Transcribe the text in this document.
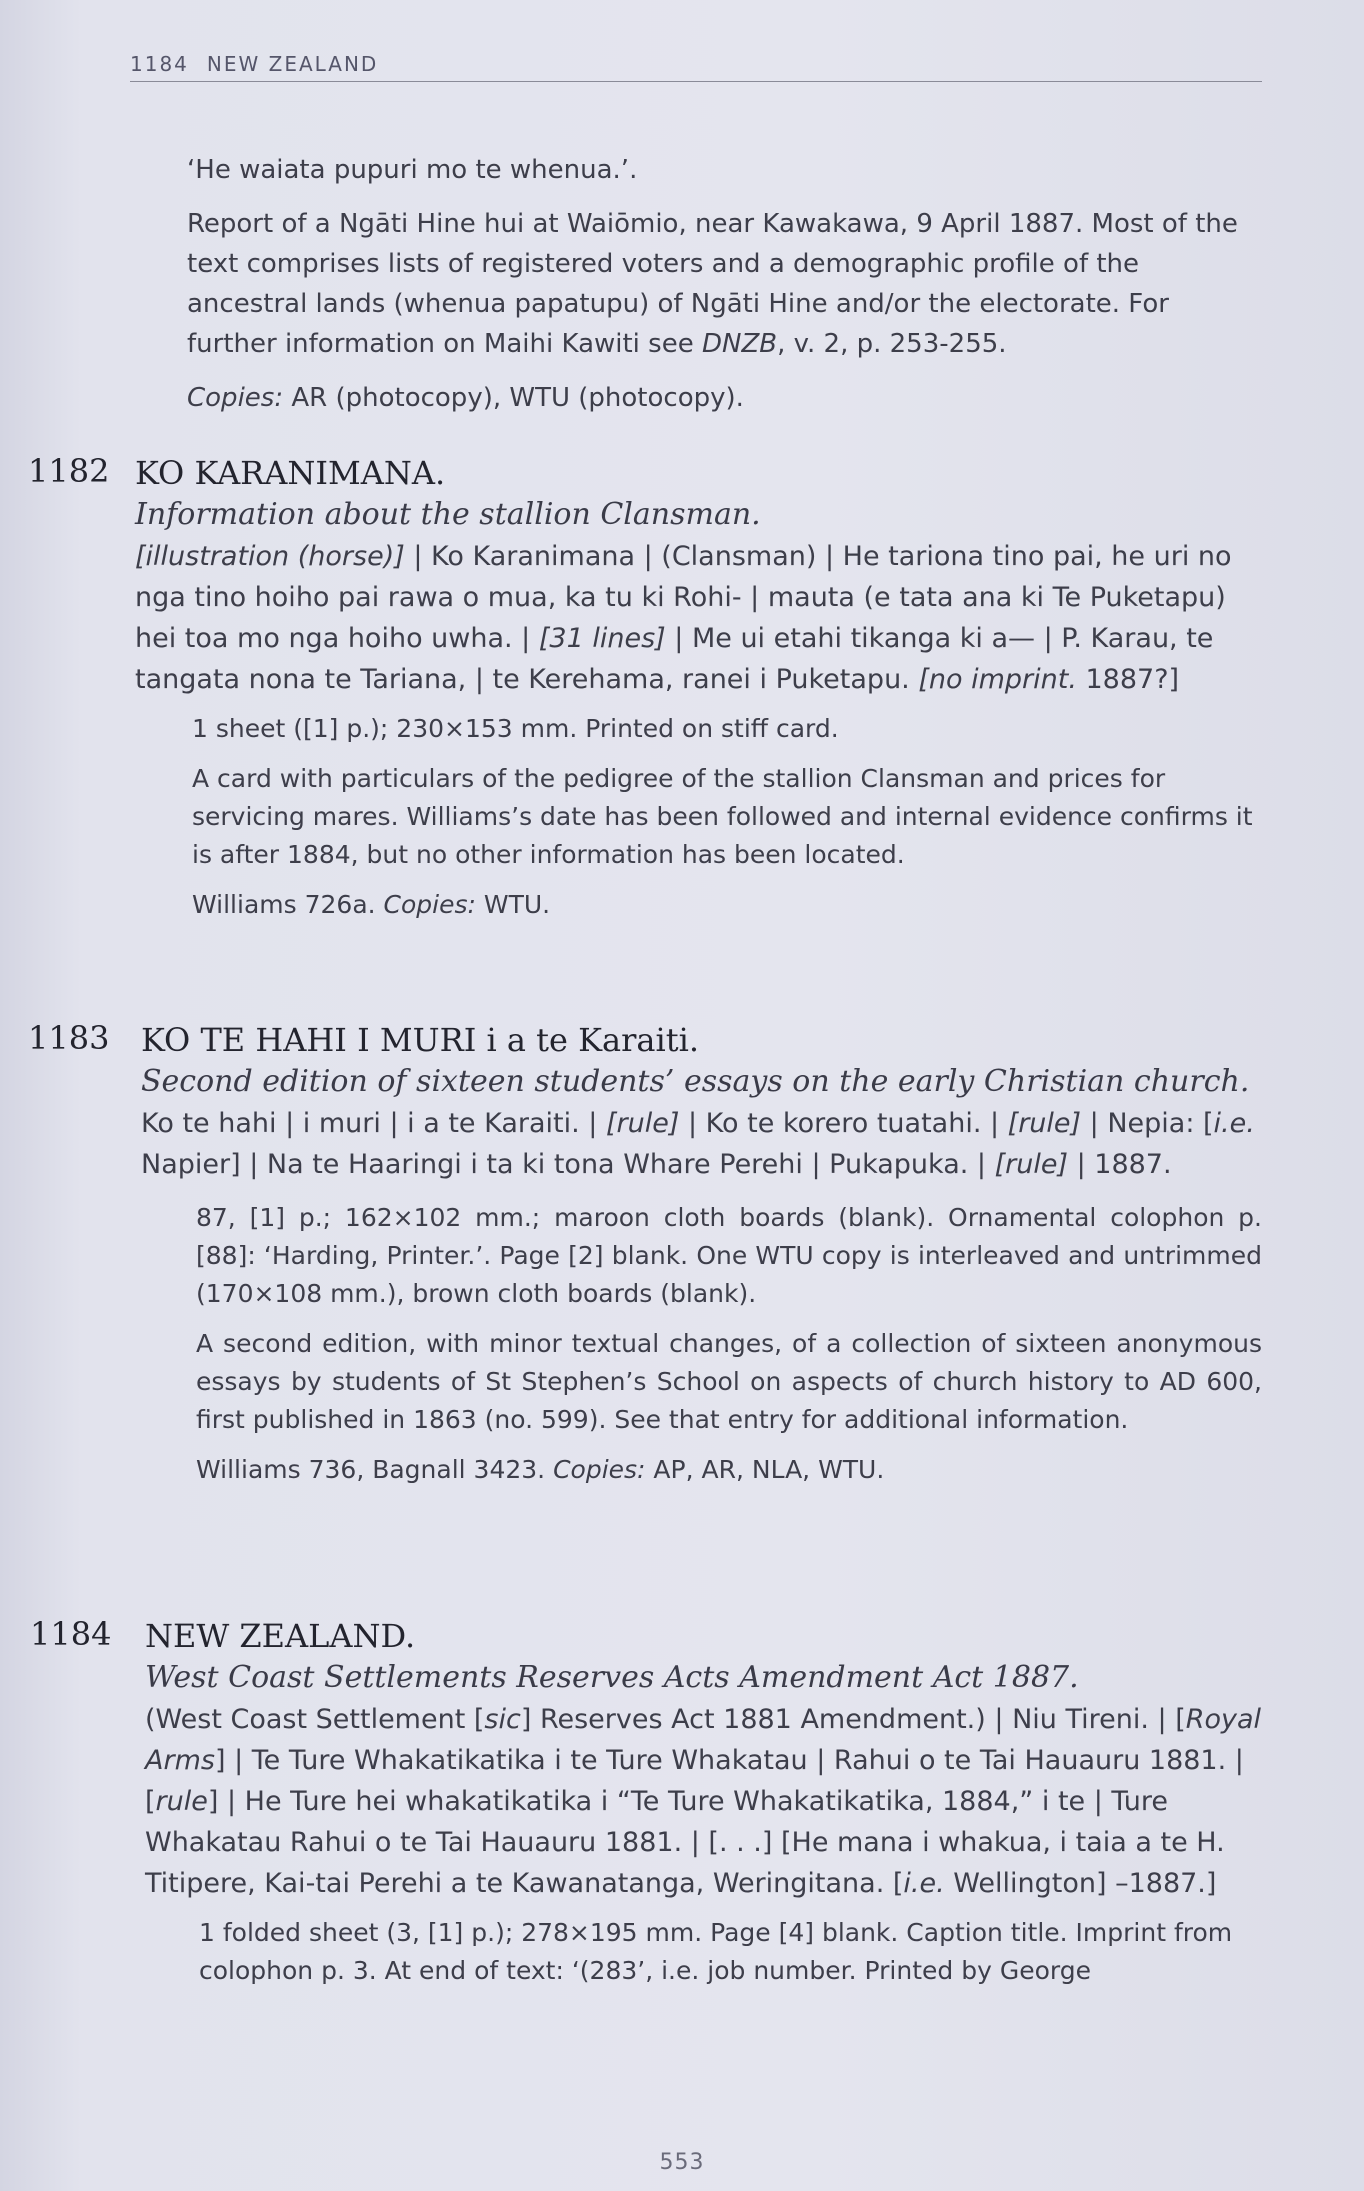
1184 NEW ZEALAND

‘He waiata pupuri mo te whenua.’.

Report of a Ngāti Hine hui at Waiōmio, near Kawakawa, 9 April 1887. Most of the text comprises lists of registered voters and a demographic profile of the ancestral lands (whenua papatupu) of Ngāti Hine and/or the electorate. For further information on Maihi Kawiti see DNZB, v. 2, p. 253-255.

Copies: AR (photocopy), WTU (photocopy).

1182 KO KARANIMANA.
Information about the stallion Clansman.
[illustration (horse)] | Ko Karanimana | (Clansman) | He tariona tino pai, he uri no nga tino hoiho pai rawa o mua, ka tu ki Rohi- | mauta (e tata ana ki Te Puketapu) hei toa mo nga hoiho uwha. | [31 lines] | Me ui etahi tikanga ki a— | P. Karau, te tangata nona te Tariana, | te Kerehama, ranei i Puketapu. [no imprint. 1887?]

1 sheet ([1] p.); 230×153 mm. Printed on stiff card.

A card with particulars of the pedigree of the stallion Clansman and prices for servicing mares. Williams’s date has been followed and internal evidence confirms it is after 1884, but no other information has been located.

Williams 726a. Copies: WTU.

1183 KO TE HAHI I MURI i a te Karaiti.
Second edition of sixteen students’ essays on the early Christian church.
Ko te hahi | i muri | i a te Karaiti. | [rule] | Ko te korero tuatahi. | [rule] | Nepia: [i.e. Napier] | Na te Haaringi i ta ki tona Whare Perehi | Pukapuka. | [rule] | 1887.

87, [1] p.; 162×102 mm.; maroon cloth boards (blank). Ornamental colophon p. [88]: ‘Harding, Printer.’. Page [2] blank. One WTU copy is interleaved and untrimmed (170×108 mm.), brown cloth boards (blank).

A second edition, with minor textual changes, of a collection of sixteen anonymous essays by students of St Stephen’s School on aspects of church history to AD 600, first published in 1863 (no. 599). See that entry for additional information.

Williams 736, Bagnall 3423. Copies: AP, AR, NLA, WTU.

1184 NEW ZEALAND.
West Coast Settlements Reserves Acts Amendment Act 1887.
(West Coast Settlement [sic] Reserves Act 1881 Amendment.) | Niu Tireni. | [Royal Arms] | Te Ture Whakatikatika i te Ture Whakatau | Rahui o te Tai Hauauru 1881. | [rule] | He Ture hei whakatikatika i “Te Ture Whakatikatika, 1884,” i te | Ture Whakatau Rahui o te Tai Hauauru 1881. | [. . .] [He mana i whakua, i taia a te H. Titipere, Kai-tai Perehi a te Kawanatanga, Weringitana. [i.e. Wellington] –1887.]

1 folded sheet (3, [1] p.); 278×195 mm. Page [4] blank. Caption title. Imprint from colophon p. 3. At end of text: ‘(283’, i.e. job number. Printed by George

553
